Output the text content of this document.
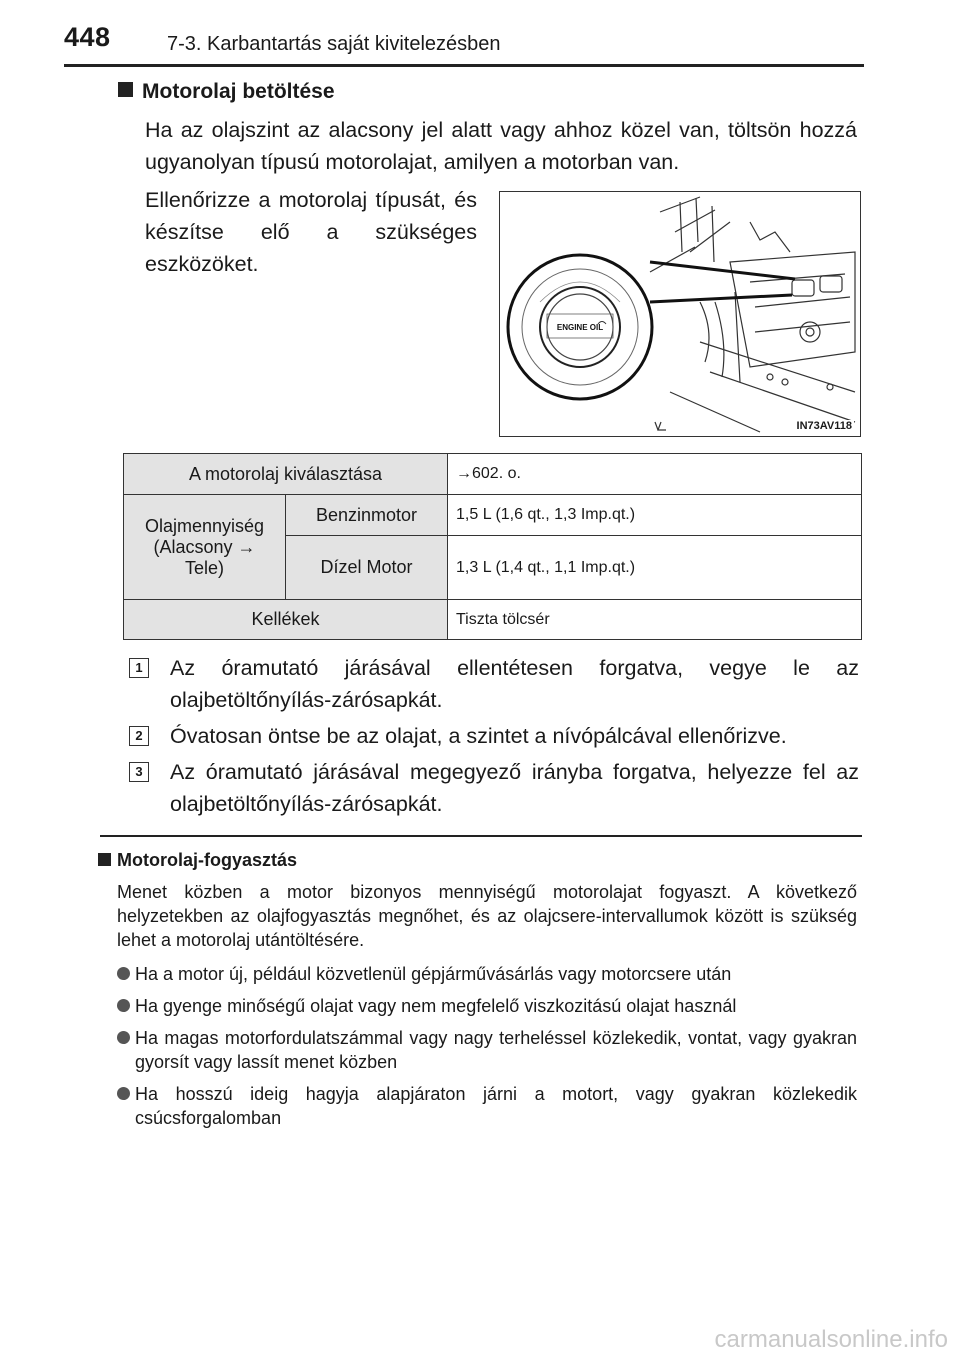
448	7-3. Karbantartás saját kivitelezésben
Motorolaj betöltése
Ha az olajszint az alacsony jel alatt vagy ahhoz közel van, töltsön hozzá ugyanolyan típusú motorolajat, amilyen a motorban van.
Ellenőrizze a motorolaj típusát, és készítse elő a szükséges eszközöket.
ENGINE OIL
IN73AV118
A motorolaj kiválasztása		→602. o.
Olajmennyiség (Alacsony → Tele)	Benzinmotor	1,5 L (1,6 qt., 1,3 Imp.qt.)
	Dízel Motor	1,3 L (1,4 qt., 1,1 Imp.qt.)
Kellékek		Tiszta tölcsér
1 Az óramutató járásával ellentétesen forgatva, vegye le az olajbetöltőnyílás-zárósapkát.
2 Óvatosan öntse be az olajat, a szintet a nívópálcával ellenőrizve.
3 Az óramutató járásával megegyező irányba forgatva, helyezze fel az olajbetöltőnyílás-zárósapkát.
Motorolaj-fogyasztás
Menet közben a motor bizonyos mennyiségű motorolajat fogyaszt. A következő helyzetekben az olajfogyasztás megnőhet, és az olajcsere-intervallumok között is szükség lehet a motorolaj utántöltésére.
Ha a motor új, például közvetlenül gépjárművásárlás vagy motorcsere után
Ha gyenge minőségű olajat vagy nem megfelelő viszkozitású olajat használ
Ha magas motorfordulatszámmal vagy nagy terheléssel közlekedik, vontat, vagy gyakran gyorsít vagy lassít menet közben
Ha hosszú ideig hagyja alapjáraton járni a motort, vagy gyakran közlekedik csúcsforgalomban
carmanualsonline.info
